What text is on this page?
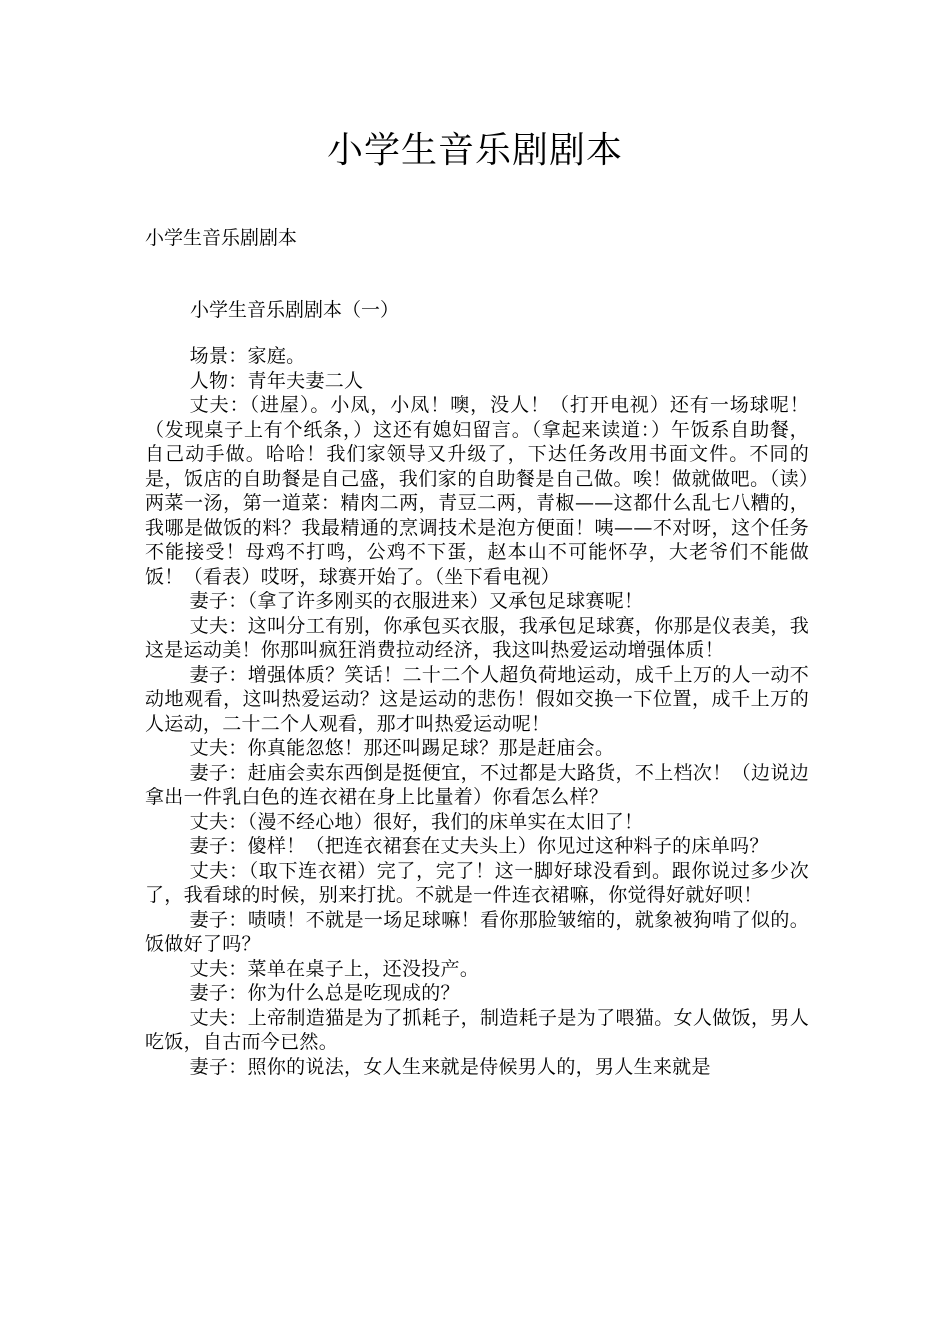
小学生音乐剧剧本
小学生音乐剧剧本
小学生音乐剧剧本（一）

场景：家庭。

人物：青年夫妻二人

丈夫：（进屋）。小凤，小凤！噢，没人！（打开电视）还有一场球呢！（发现桌子上有个纸条，）这还有媳妇留言。（拿起来读道：）午饭系自助餐，自己动手做。哈哈！我们家领导又升级了，下达任务改用书面文件。不同的是，饭店的自助餐是自己盛，我们家的自助餐是自己做。唉！做就做吧。（读）两菜一汤，第一道菜：精肉二两，青豆二两，青椒——这都什么乱七八糟的，我哪是做饭的料？我最精通的烹调技术是泡方便面！咦——不对呀，这个任务不能接受！母鸡不打鸣，公鸡不下蛋，赵本山不可能怀孕，大老爷们不能做饭！（看表）哎呀，球赛开始了。（坐下看电视）

妻子：（拿了许多刚买的衣服进来）又承包足球赛呢！

丈夫：这叫分工有别，你承包买衣服，我承包足球赛，你那是仪表美，我这是运动美！你那叫疯狂消费拉动经济，我这叫热爱运动增强体质！

妻子：增强体质？笑话！二十二个人超负荷地运动，成千上万的人一动不动地观看，这叫热爱运动？这是运动的悲伤！假如交换一下位置，成千上万的人运动，二十二个人观看，那才叫热爱运动呢！

丈夫：你真能忽悠！那还叫踢足球？那是赶庙会。

妻子：赶庙会卖东西倒是挺便宜，不过都是大路货，不上档次！（边说边拿出一件乳白色的连衣裙在身上比量着）你看怎么样？

丈夫：（漫不经心地）很好，我们的床单实在太旧了！

妻子：傻样！（把连衣裙套在丈夫头上）你见过这种料子的床单吗？

丈夫：（取下连衣裙）完了，完了！这一脚好球没看到。跟你说过多少次了，我看球的时候，别来打扰。不就是一件连衣裙嘛，你觉得好就好呗！

妻子：啧啧！不就是一场足球嘛！看你那脸皱缩的，就象被狗啃了似的。饭做好了吗？

丈夫：菜单在桌子上，还没投产。

妻子：你为什么总是吃现成的？

丈夫：上帝制造猫是为了抓耗子，制造耗子是为了喂猫。女人做饭，男人吃饭，自古而今已然。

妻子：照你的说法，女人生来就是侍候男人的，男人生来就是
